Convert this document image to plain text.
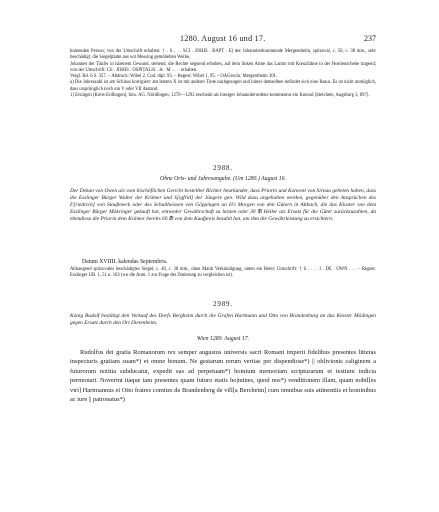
1280. August 16 und 17.	237

knieenden Person; von der Umschrift erhalten: † . S . . . SCI . JOHIS . BAPT . E) der Johanniterkommende Mergentheim, spitzoval, c. 50, c. 38 mm., sehr beschädigt, die Siegelplatte aus wit Messing gemöbelten Weihe,

Johannes der Täufer in härenem Gewand, stehend, die Rechte segnend erhoben, auf dem linken Arme das Lamm mit Kreuzfahne in der Hostienschebe tragend; von der Umschrift: Cil . JOHIS . OSPITALIS . Je . M . . . . erhalten.

Vergl. Bd. 6 S. 357. – Abdruck: Wibel 2, Cod. dipl. 93. – Regest: Wibel 1, 95. – OAGeschr. Mergentheim 301.

a) Die Jahreszahl ist am Schluss korrigiert: am letzten X ist mit anderer Tinte nachgezogen und hinter demselben befindet sich eine Rasur. Es ist nicht unmöglich, dass ursprünglich noch ein V oder VII dastand.

1) Ersingen (Kreis-Erdlingen), bzw. AG. Nördlingen; 1270—1292 erscheint als hiesiger Johanniterordens-kommentur ein Konrad (Steichele, Augsburg 3, 897).

2988.
Ohne Orts- und Jahresangabe. (Um 1280.) August 16.
Der Dekan von Owen als vom bischöflichen Gericht bestellter Richter beurkundet, dass Priorin und Konvent von Sirnau gebeten haben, dass die Esslinger Bürger Walter der Krämer und S[igfrid] der Jüngere gen. Wild dazu angehalten werden, gegenüber den Ansprüchen des F[riedrich] von Staufeneck oder des Schultheissen von Göppingen an 6½ Morgen von den Gütern in Altbach, die das Kloster von dem Esslinger Bürger Mökringer gekauft hat, entweder Gewährschaft zu leisten oder 30 ℔ Heller als Ersatz für die Güter zurückzuzahlen, da ebendiese die Priorin dem Krämer bereits 60 ℔ von dem Kaufpreis bezahlt hat, um ihm die Gewährleistung zu ersichtern.
Datum XVIIII. kalendas Septembris.
Abhangend spitzovales beschädigtes Siegel, c. 48, c. 38 mm., oben Marât Verkündigung, unten ein Beter; Umschrift: † S . . . . I . DE . OWN . . . – Regest: Esslinger UB. 1, 51 n. 163 (wo die Anm. 1 zur Frage der Datierung zu vergleichen ist).
2989.
König Rudolf bestätigt den Verkauf des Dorfs Bergheim durch die Grafen Hartmann und Otto von Brandenburg an das Kloster Mödingen gegen Ersatz durch den Ort Dietenheim.
Wien 1280. August 17.

Rudolfus dei gratia Romanorum rex semper augustus universis sacri Romani imperii fidelibus presentes litteras inspecturis gratiam suam*) et omne bonum. Ne gestarum rerum veritas per dispendiose*) || oblivionis caliginem a futurorum notitia subducatur, expedit eas ad perpetuam*) homium memoriam scripturarum et testium indicia permonari. Noverint itaque tam presentes quam futuro etatis ho|mines, quod nos*) venditionem illam, quam nobil[es viri] Hartmannus et Otto fratres comites de Brandenberg de vill[a Bercheim] cum omnibus suis attinentiis et hominibus ac iure || patronatus*)
